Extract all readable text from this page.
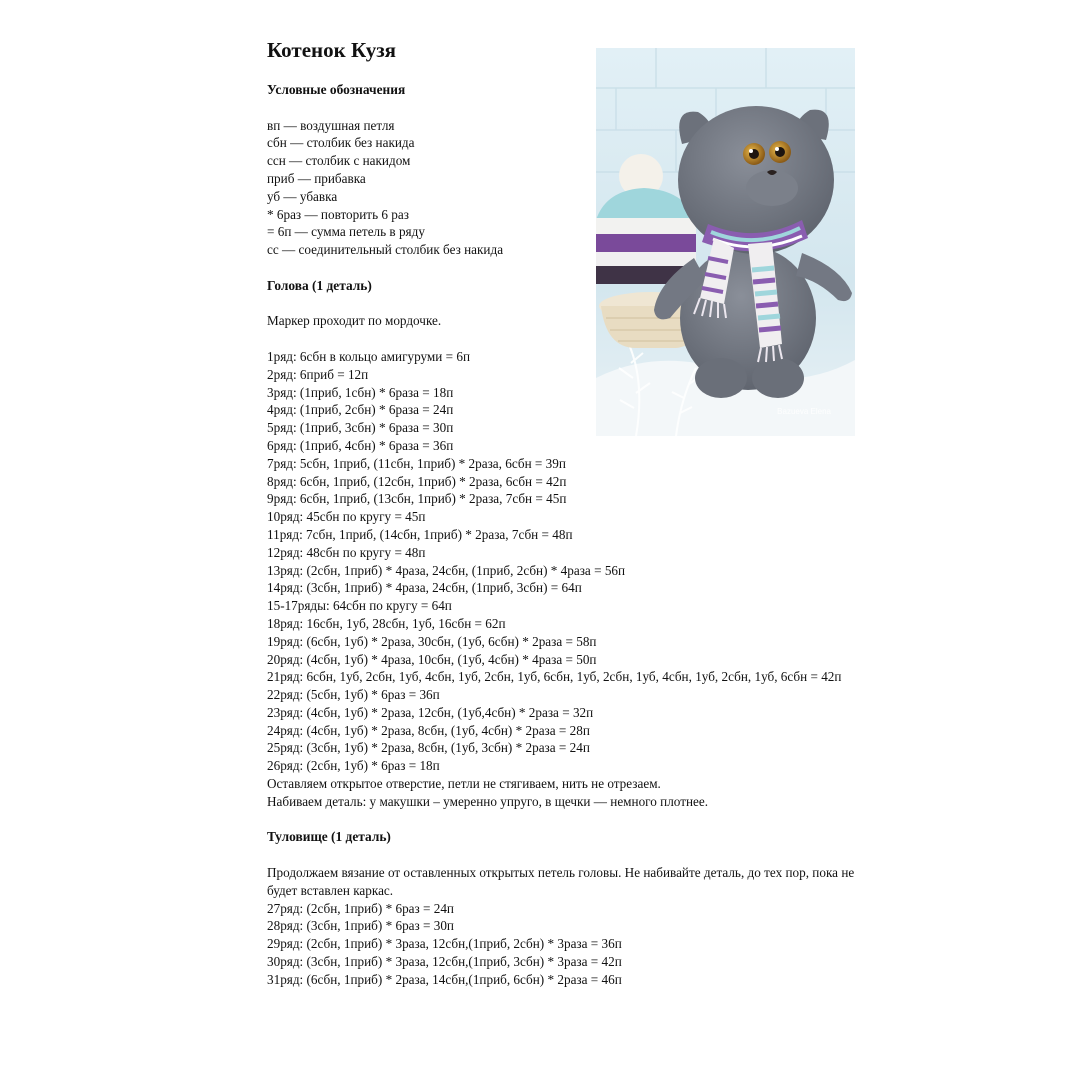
Котенок Кузя
Bazueva Elena

Условные обозначения

вп — воздушная петля

сбн — столбик без накида

ссн — столбик с накидом

приб — прибавка

уб — убавка

* 6раз — повторить 6 раз

= 6п — сумма петель в ряду

сс — соединительный столбик без накида

Голова (1 деталь)

Маркер проходит по мордочке.

1ряд: 6сбн в кольцо амигуруми = 6п

2ряд: 6приб = 12п

3ряд: (1приб, 1сбн) * 6раза = 18п

4ряд: (1приб, 2сбн) * 6раза = 24п

5ряд: (1приб, 3сбн) * 6раза = 30п

6ряд: (1приб, 4сбн) * 6раза = 36п

7ряд: 5сбн, 1приб, (11сбн, 1приб) * 2раза, 6сбн = 39п

8ряд: 6сбн, 1приб, (12сбн, 1приб) * 2раза, 6сбн = 42п

9ряд: 6сбн, 1приб, (13сбн, 1приб) * 2раза, 7сбн = 45п

10ряд: 45сбн по кругу = 45п

11ряд: 7сбн, 1приб, (14сбн, 1приб) * 2раза, 7сбн = 48п

12ряд: 48сбн по кругу = 48п

13ряд: (2сбн, 1приб) * 4раза, 24сбн, (1приб, 2сбн) * 4раза = 56п

14ряд: (3сбн, 1приб) * 4раза, 24сбн, (1приб, 3сбн) = 64п

15-17ряды: 64сбн по кругу = 64п

18ряд: 16сбн, 1уб, 28сбн, 1уб, 16сбн = 62п

19ряд: (6сбн, 1уб) * 2раза, 30сбн, (1уб, 6сбн) * 2раза = 58п

20ряд: (4сбн, 1уб) * 4раза, 10сбн, (1уб, 4сбн) * 4раза = 50п

21ряд: 6сбн, 1уб, 2сбн, 1уб, 4сбн, 1уб, 2сбн, 1уб, 6сбн, 1уб, 2сбн, 1уб, 4сбн, 1уб, 2сбн, 1уб, 6сбн = 42п

22ряд: (5сбн, 1уб) * 6раз = 36п

23ряд: (4сбн, 1уб) * 2раза, 12сбн, (1уб,4сбн) * 2раза = 32п

24ряд: (4сбн, 1уб) * 2раза, 8сбн, (1уб, 4сбн) * 2раза = 28п

25ряд: (3сбн, 1уб) * 2раза, 8сбн, (1уб, 3сбн) * 2раза = 24п

26ряд: (2сбн, 1уб) * 6раз = 18п

Оставляем открытое отверстие, петли не стягиваем, нить не отрезаем.

Набиваем деталь: у макушки – умеренно упруго, в щечки — немного плотнее.

Туловище (1 деталь)

Продолжаем вязание от оставленных открытых петель головы. Не набивайте деталь, до тех пор, пока не будет вставлен каркас.

27ряд: (2сбн, 1приб) * 6раз = 24п

28ряд: (3сбн, 1приб) * 6раз = 30п

29ряд: (2сбн, 1приб) * 3раза, 12сбн,(1приб, 2сбн) * 3раза = 36п

30ряд: (3сбн, 1приб) * 3раза, 12сбн,(1приб, 3сбн) * 3раза = 42п

31ряд: (6сбн, 1приб) * 2раза, 14сбн,(1приб, 6сбн) * 2раза = 46п
